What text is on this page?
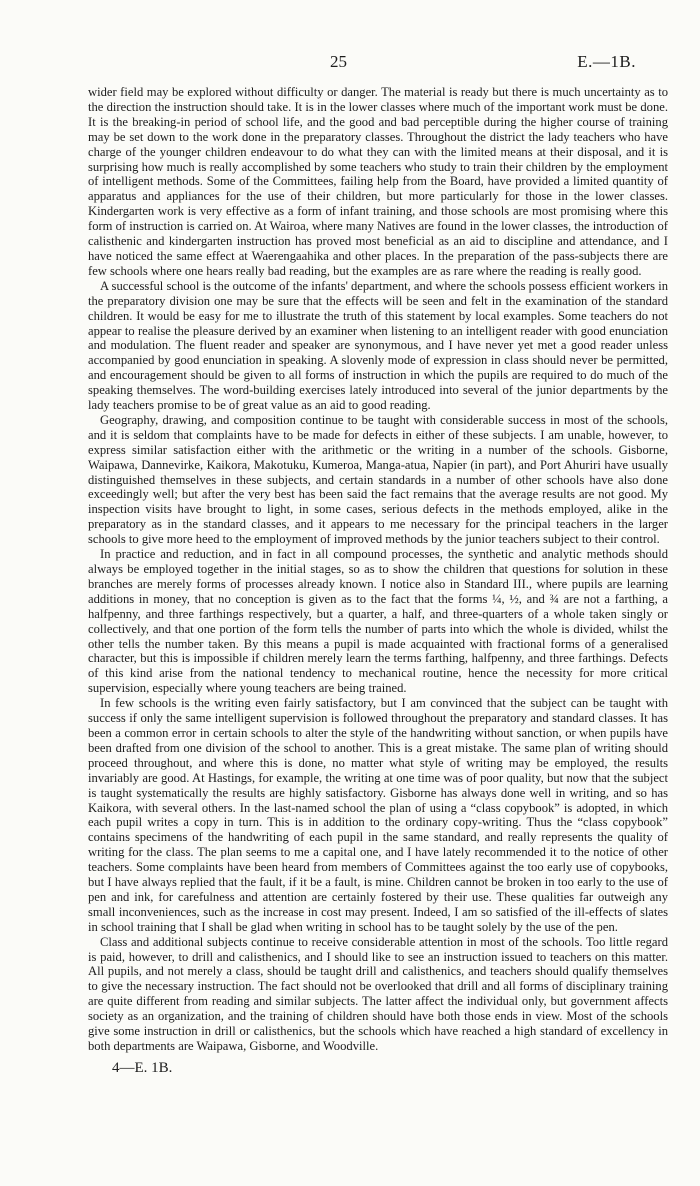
25	E.—1B.

wider field may be explored without difficulty or danger. The material is ready but there is much uncertainty as to the direction the instruction should take. It is in the lower classes where much of the important work must be done. It is the breaking-in period of school life, and the good and bad perceptible during the higher course of training may be set down to the work done in the preparatory classes. Throughout the district the lady teachers who have charge of the younger children endeavour to do what they can with the limited means at their disposal, and it is surprising how much is really accomplished by some teachers who study to train their children by the employment of intelligent methods. Some of the Committees, failing help from the Board, have provided a limited quantity of apparatus and appliances for the use of their children, but more particularly for those in the lower classes. Kindergarten work is very effective as a form of infant training, and those schools are most promising where this form of instruction is carried on. At Wairoa, where many Natives are found in the lower classes, the introduction of calisthenic and kindergarten instruction has proved most beneficial as an aid to discipline and attendance, and I have noticed the same effect at Waerengaahika and other places. In the preparation of the pass-subjects there are few schools where one hears really bad reading, but the examples are as rare where the reading is really good.

A successful school is the outcome of the infants' department, and where the schools possess efficient workers in the preparatory division one may be sure that the effects will be seen and felt in the examination of the standard children. It would be easy for me to illustrate the truth of this statement by local examples. Some teachers do not appear to realise the pleasure derived by an examiner when listening to an intelligent reader with good enunciation and modulation. The fluent reader and speaker are synonymous, and I have never yet met a good reader unless accompanied by good enunciation in speaking. A slovenly mode of expression in class should never be permitted, and encouragement should be given to all forms of instruction in which the pupils are required to do much of the speaking themselves. The word-building exercises lately introduced into several of the junior departments by the lady teachers promise to be of great value as an aid to good reading.

Geography, drawing, and composition continue to be taught with considerable success in most of the schools, and it is seldom that complaints have to be made for defects in either of these subjects. I am unable, however, to express similar satisfaction either with the arithmetic or the writing in a number of the schools. Gisborne, Waipawa, Dannevirke, Kaikora, Makotuku, Kumeroa, Manga-atua, Napier (in part), and Port Ahuriri have usually distinguished themselves in these subjects, and certain standards in a number of other schools have also done exceedingly well; but after the very best has been said the fact remains that the average results are not good. My inspection visits have brought to light, in some cases, serious defects in the methods employed, alike in the preparatory as in the standard classes, and it appears to me necessary for the principal teachers in the larger schools to give more heed to the employment of improved methods by the junior teachers subject to their control.

In practice and reduction, and in fact in all compound processes, the synthetic and analytic methods should always be employed together in the initial stages, so as to show the children that questions for solution in these branches are merely forms of processes already known. I notice also in Standard III., where pupils are learning additions in money, that no conception is given as to the fact that the forms ¼, ½, and ¾ are not a farthing, a halfpenny, and three farthings respectively, but a quarter, a half, and three-quarters of a whole taken singly or collectively, and that one portion of the form tells the number of parts into which the whole is divided, whilst the other tells the number taken. By this means a pupil is made acquainted with fractional forms of a generalised character, but this is impossible if children merely learn the terms farthing, halfpenny, and three farthings. Defects of this kind arise from the national tendency to mechanical routine, hence the necessity for more critical supervision, especially where young teachers are being trained.

In few schools is the writing even fairly satisfactory, but I am convinced that the subject can be taught with success if only the same intelligent supervision is followed throughout the preparatory and standard classes. It has been a common error in certain schools to alter the style of the handwriting without sanction, or when pupils have been drafted from one division of the school to another. This is a great mistake. The same plan of writing should proceed throughout, and where this is done, no matter what style of writing may be employed, the results invariably are good. At Hastings, for example, the writing at one time was of poor quality, but now that the subject is taught systematically the results are highly satisfactory. Gisborne has always done well in writing, and so has Kaikora, with several others. In the last-named school the plan of using a “class copybook” is adopted, in which each pupil writes a copy in turn. This is in addition to the ordinary copy-writing. Thus the “class copybook” contains specimens of the handwriting of each pupil in the same standard, and really represents the quality of writing for the class. The plan seems to me a capital one, and I have lately recommended it to the notice of other teachers. Some complaints have been heard from members of Committees against the too early use of copybooks, but I have always replied that the fault, if it be a fault, is mine. Children cannot be broken in too early to the use of pen and ink, for carefulness and attention are certainly fostered by their use. These qualities far outweigh any small inconveniences, such as the increase in cost may present. Indeed, I am so satisfied of the ill-effects of slates in school training that I shall be glad when writing in school has to be taught solely by the use of the pen.

Class and additional subjects continue to receive considerable attention in most of the schools. Too little regard is paid, however, to drill and calisthenics, and I should like to see an instruction issued to teachers on this matter. All pupils, and not merely a class, should be taught drill and calisthenics, and teachers should qualify themselves to give the necessary instruction. The fact should not be overlooked that drill and all forms of disciplinary training are quite different from reading and similar subjects. The latter affect the individual only, but government affects society as an organization, and the training of children should have both those ends in view. Most of the schools give some instruction in drill or calisthenics, but the schools which have reached a high standard of excellency in both departments are Waipawa, Gisborne, and Woodville.

4—E. 1B.
